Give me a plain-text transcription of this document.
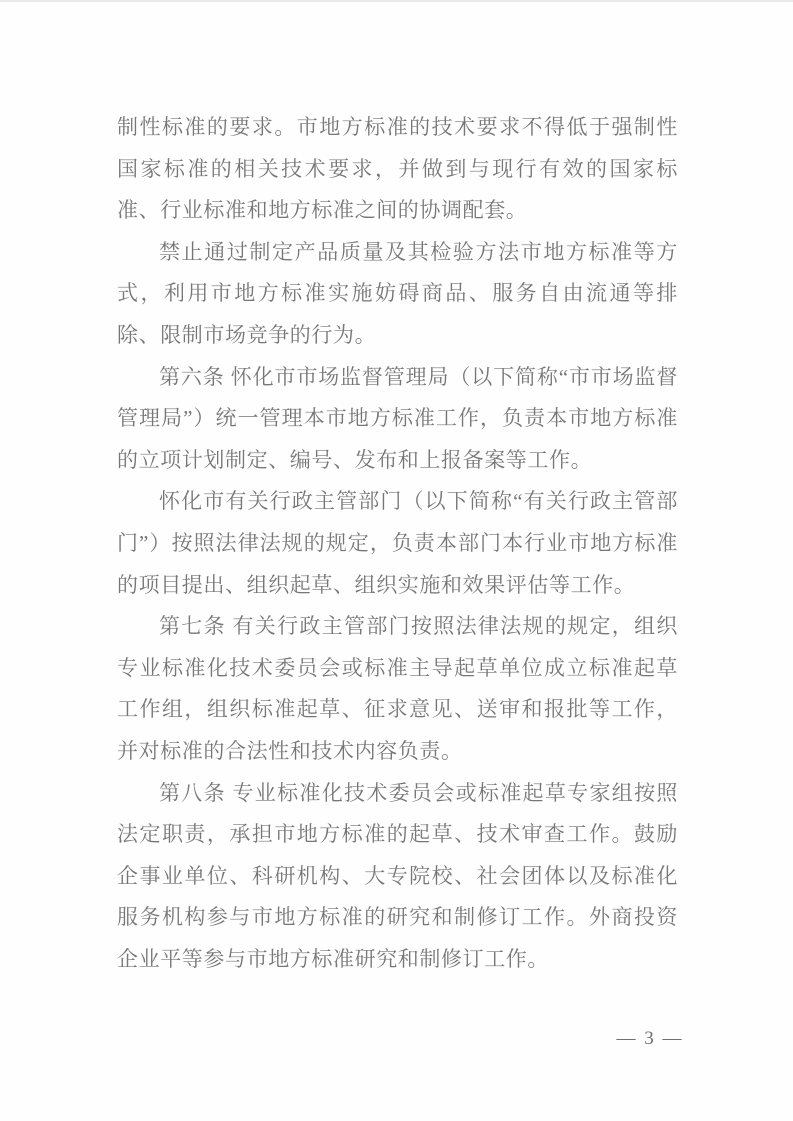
制性标准的要求。市地方标准的技术要求不得低于强制性国家标准的相关技术要求，并做到与现行有效的国家标准、行业标准和地方标准之间的协调配套。

禁止通过制定产品质量及其检验方法市地方标准等方式，利用市地方标准实施妨碍商品、服务自由流通等排除、限制市场竞争的行为。

第六条 怀化市市场监督管理局（以下简称“市市场监督管理局”）统一管理本市地方标准工作，负责本市地方标准的立项计划制定、编号、发布和上报备案等工作。

怀化市有关行政主管部门（以下简称“有关行政主管部门”）按照法律法规的规定，负责本部门本行业市地方标准的项目提出、组织起草、组织实施和效果评估等工作。

第七条 有关行政主管部门按照法律法规的规定，组织专业标准化技术委员会或标准主导起草单位成立标准起草工作组，组织标准起草、征求意见、送审和报批等工作，并对标准的合法性和技术内容负责。

第八条 专业标准化技术委员会或标准起草专家组按照法定职责，承担市地方标准的起草、技术审查工作。鼓励企事业单位、科研机构、大专院校、社会团体以及标准化服务机构参与市地方标准的研究和制修订工作。外商投资企业平等参与市地方标准研究和制修订工作。

— 3 —
